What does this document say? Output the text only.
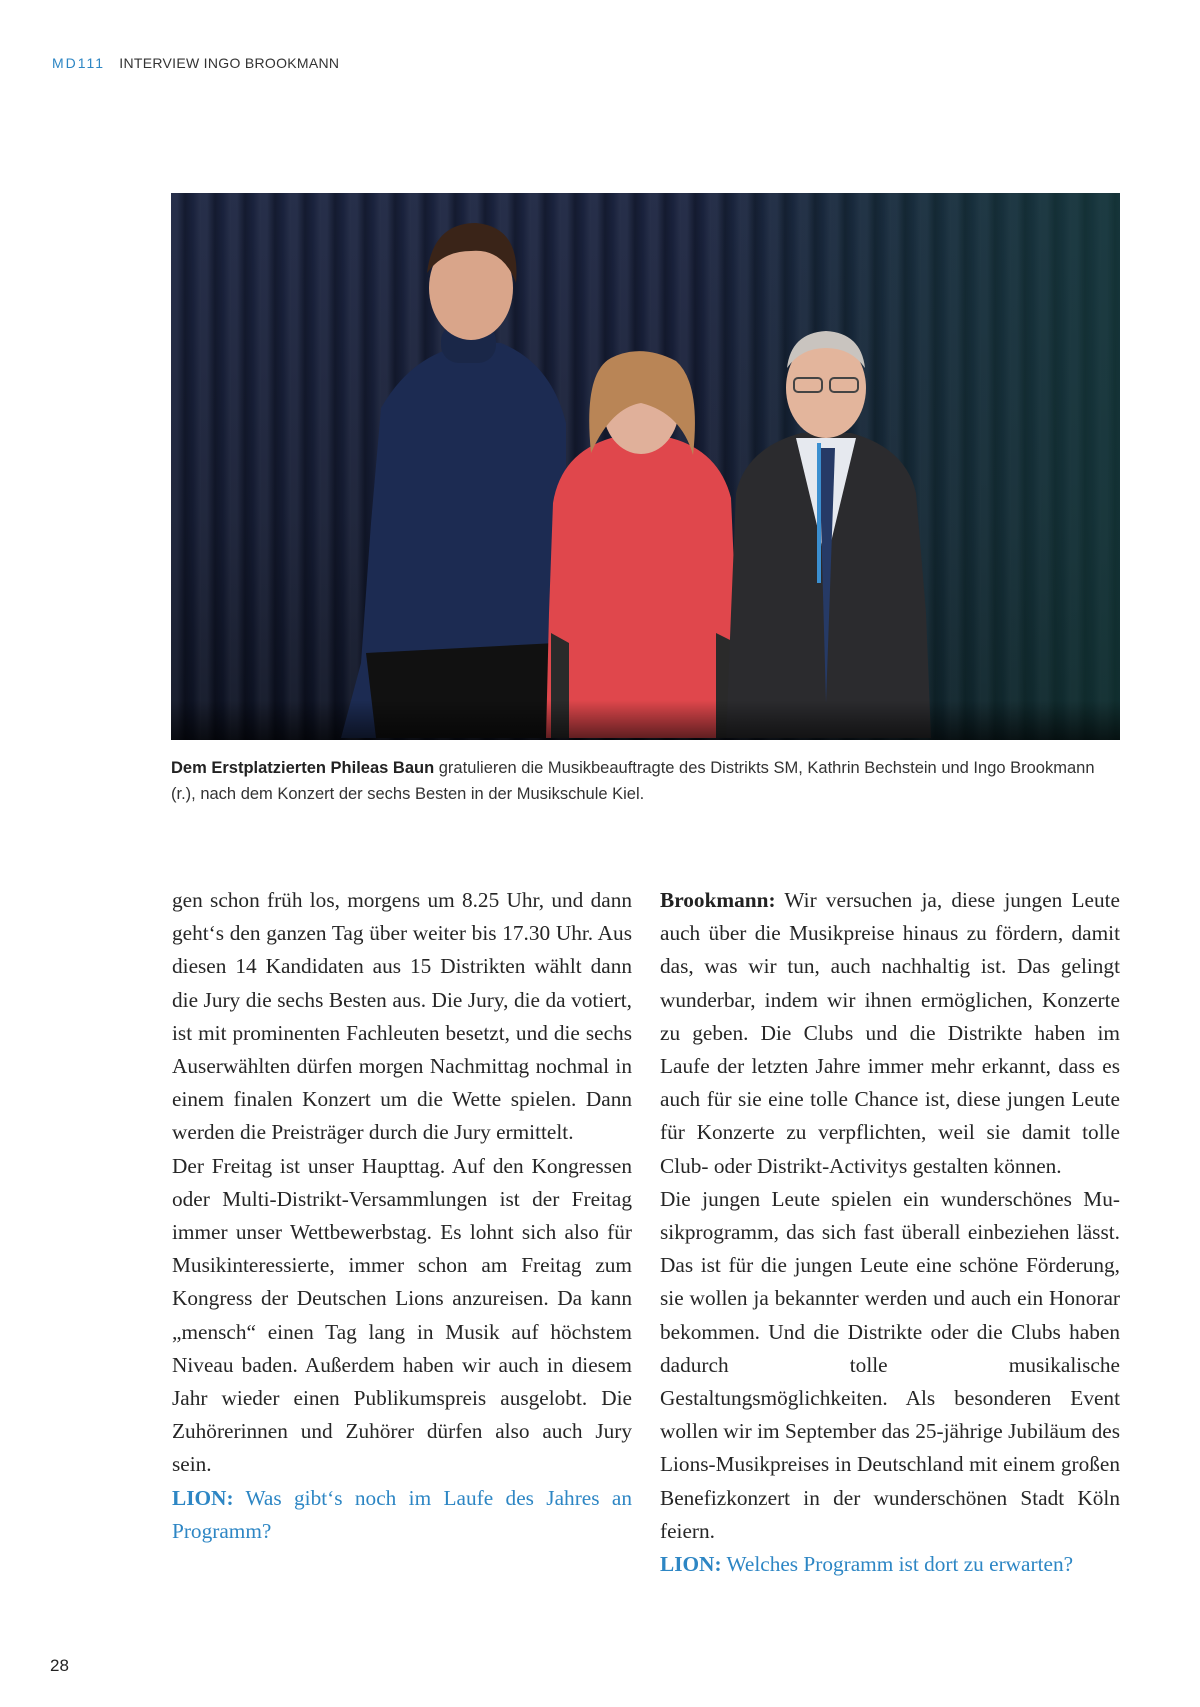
MD111 INTERVIEW INGO BROOKMANN
Dem Erstplatzierten Phileas Baun gratulieren die Musikbeauftragte des Distrikts SM, Kathrin Bechstein und Ingo Brookmann (r.), nach dem Konzert der sechs Besten in der Musikschule Kiel.

gen schon früh los, morgens um 8.25 Uhr, und dann geht‘s den ganzen Tag über weiter bis 17.30 Uhr. Aus diesen 14 Kandidaten aus 15 Distrikten wählt dann die Jury die sechs Besten aus. Die Jury, die da votiert, ist mit prominenten Fachleuten besetzt, und die sechs Auserwählten dürfen morgen Nachmittag nochmal in einem finalen Konzert um die Wette spielen. Dann werden die Preisträger durch die Jury ermittelt.

Der Freitag ist unser Haupttag. Auf den Kongressen oder Multi-Distrikt-Versammlungen ist der Freitag immer unser Wettbewerbstag. Es lohnt sich also für Musikinteressierte, immer schon am Freitag zum Kongress der Deutschen Lions anzureisen. Da kann „mensch“ einen Tag lang in Musik auf höchstem Niveau baden. Außerdem haben wir auch in diesem Jahr wieder einen Publikumspreis ausgelobt. Die Zuhörerinnen und Zuhörer dürfen also auch Jury sein.

LION: Was gibt‘s noch im Laufe des Jahres an Programm?

Brookmann: Wir versuchen ja, diese jungen Leute auch über die Musikpreise hinaus zu fördern, damit das, was wir tun, auch nachhaltig ist. Das gelingt wunderbar, indem wir ihnen ermöglichen, Konzerte zu geben. Die Clubs und die Distrikte haben im Laufe der letzten Jahre immer mehr erkannt, dass es auch für sie eine tolle Chance ist, diese jungen Leute für Konzerte zu verpflichten, weil sie damit tolle Club- oder Distrikt-Activitys gestalten können.

Die jungen Leute spielen ein wunderschönes Musikprogramm, das sich fast überall einbeziehen lässt. Das ist für die jungen Leute eine schöne Förderung, sie wollen ja bekannter werden und auch ein Honorar bekommen. Und die Distrikte oder die Clubs haben dadurch tolle musikalische Gestaltungsmöglichkeiten. Als besonderen Event wollen wir im September das 25-jährige Jubiläum des Lions-Musikpreises in Deutschland mit einem großen Benefizkonzert in der wunderschönen Stadt Köln feiern.

LION: Welches Programm ist dort zu erwarten?

28
